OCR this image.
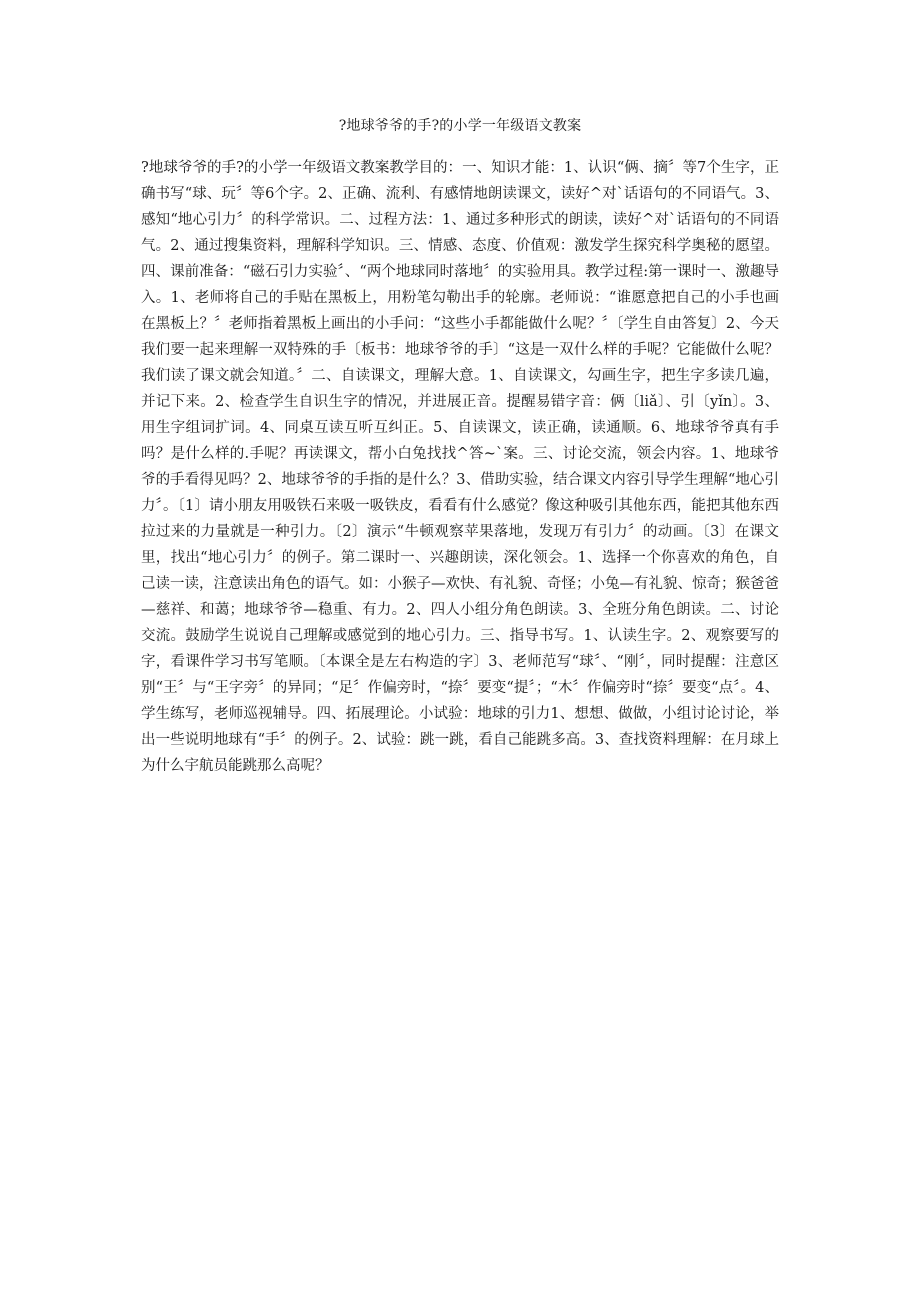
?地球爷爷的手?的小学一年级语文教案
?地球爷爷的手?的小学一年级语文教案教学目的：一、知识才能：1、认识“俩、摘〞等7个生字，正确书写“球、玩〞等6个字。2、正确、流利、有感情地朗读课文，读好^对`话语句的不同语气。3、感知“地心引力〞的科学常识。二、过程方法：1、通过多种形式的朗读，读好^对`话语句的不同语气。2、通过搜集资料，理解科学知识。三、情感、态度、价值观：激发学生探究科学奥秘的愿望。四、课前准备：“磁石引力实验〞、“两个地球同时落地〞的实验用具。教学过程:第一课时一、激趣导入。1、老师将自己的手贴在黑板上，用粉笔勾勒出手的轮廓。老师说：“谁愿意把自己的小手也画在黑板上？〞老师指着黑板上画出的小手问：“这些小手都能做什么呢？〞〔学生自由答复〕2、今天我们要一起来理解一双特殊的手〔板书：地球爷爷的手〕“这是一双什么样的手呢？它能做什么呢？我们读了课文就会知道。〞二、自读课文，理解大意。1、自读课文，勾画生字，把生字多读几遍，并记下来。2、检查学生自识生字的情况，并进展正音。提醒易错字音：俩〔liǎ〕、引〔yǐn〕。3、用生字组词扩词。4、同桌互读互听互纠正。5、自读课文，读正确，读通顺。6、地球爷爷真有手吗？是什么样的.手呢？再读课文，帮小白兔找找^答~`案。三、讨论交流，领会内容。1、地球爷爷的手看得见吗？2、地球爷爷的手指的是什么？3、借助实验，结合课文内容引导学生理解“地心引力〞。〔1〕请小朋友用吸铁石来吸一吸铁皮，看看有什么感觉？像这种吸引其他东西，能把其他东西拉过来的力量就是一种引力。〔2〕演示“牛顿观察苹果落地，发现万有引力〞的动画。〔3〕在课文里，找出“地心引力〞的例子。第二课时一、兴趣朗读，深化领会。1、选择一个你喜欢的角色，自己读一读，注意读出角色的语气。如：小猴子—欢快、有礼貌、奇怪；小兔—有礼貌、惊奇；猴爸爸—慈祥、和蔼；地球爷爷—稳重、有力。2、四人小组分角色朗读。3、全班分角色朗读。二、讨论交流。鼓励学生说说自己理解或感觉到的地心引力。三、指导书写。1、认读生字。2、观察要写的字，看课件学习书写笔顺。〔本课全是左右构造的字〕3、老师范写“球〞、“刚〞，同时提醒：注意区别“王〞与“王字旁〞的异同；“足〞作偏旁时，“捺〞要变“提〞；“木〞作偏旁时“捺〞要变“点〞。4、学生练写，老师巡视辅导。四、拓展理论。小试验：地球的引力1、想想、做做，小组讨论讨论，举出一些说明地球有“手〞的例子。2、试验：跳一跳，看自己能跳多高。3、查找资料理解：在月球上为什么宇航员能跳那么高呢？
